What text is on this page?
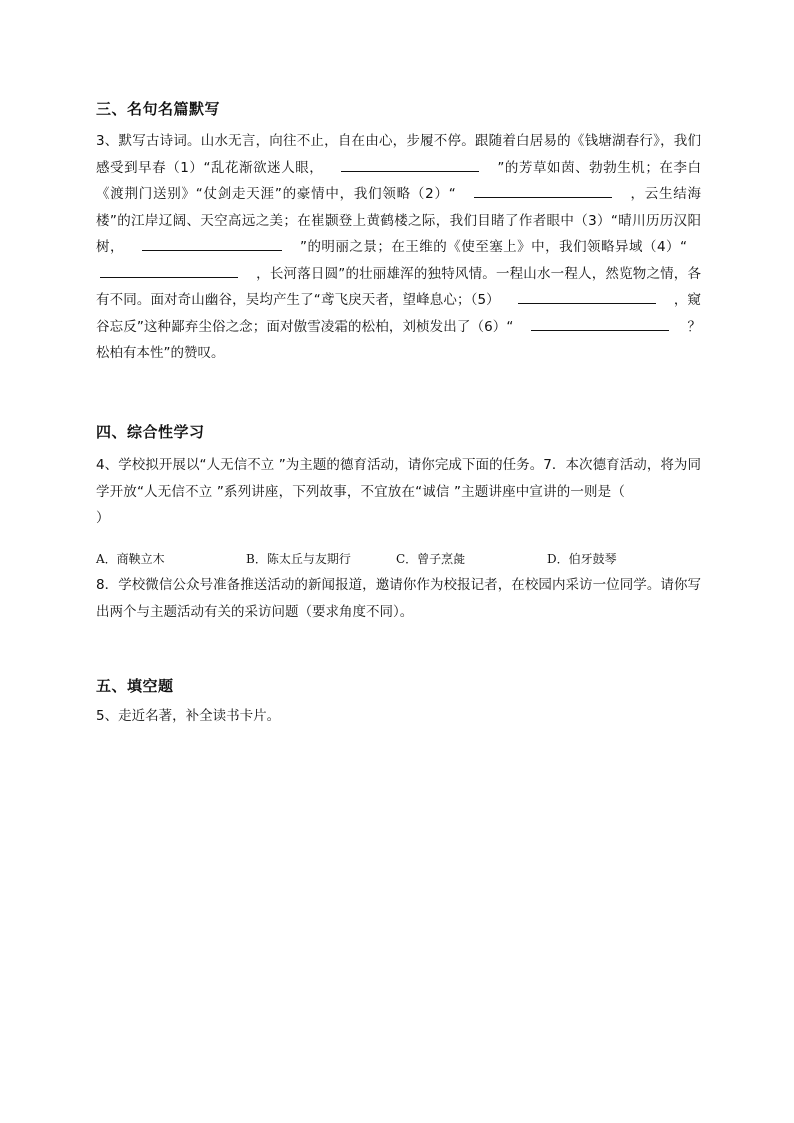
三、名句名篇默写
3、默写古诗词。山水无言，向往不止，自在由心，步履不停。跟随着白居易的《钱塘湖春行》，我们感受到早春（1）“乱花渐欲迷人眼，	”的芳草如茵、勃勃生机；在李白《渡荆门送别》“仗剑走天涯”的豪情中，我们领略（2）“	，云生结海楼”的江岸辽阔、天空高远之美；在崔颢登上黄鹤楼之际，我们目睹了作者眼中（3）“晴川历历汉阳树，	”的明丽之景；在王维的《使至塞上》中，我们领略异域（4）“，长河落日圆”的壮丽雄浑的独特风情。一程山水一程人，然览物之情，各有不同。面对奇山幽谷，吴均产生了“鸢飞戾天者，望峰息心；（5）	，窥谷忘反”这种鄙弃尘俗之念；面对傲雪凌霜的松柏，刘桢发出了（6）“	？松柏有本性”的赞叹。
四、综合性学习
4、学校拟开展以“人无信不立 ”为主题的德育活动，请你完成下面的任务。7．本次德育活动，将为同学开放“人无信不立 ”系列讲座，下列故事，不宜放在“诚信 ”主题讲座中宣讲的一则是（）
A．商鞅立木	B．陈太丘与友期行	C．曾子烹彘	D．伯牙鼓琴
8．学校微信公众号准备推送活动的新闻报道，邀请你作为校报记者，在校园内采访一位同学。请你写 出两个与主题活动有关的采访问题（要求角度不同）。
五、填空题
5、走近名著，补全读书卡片。
